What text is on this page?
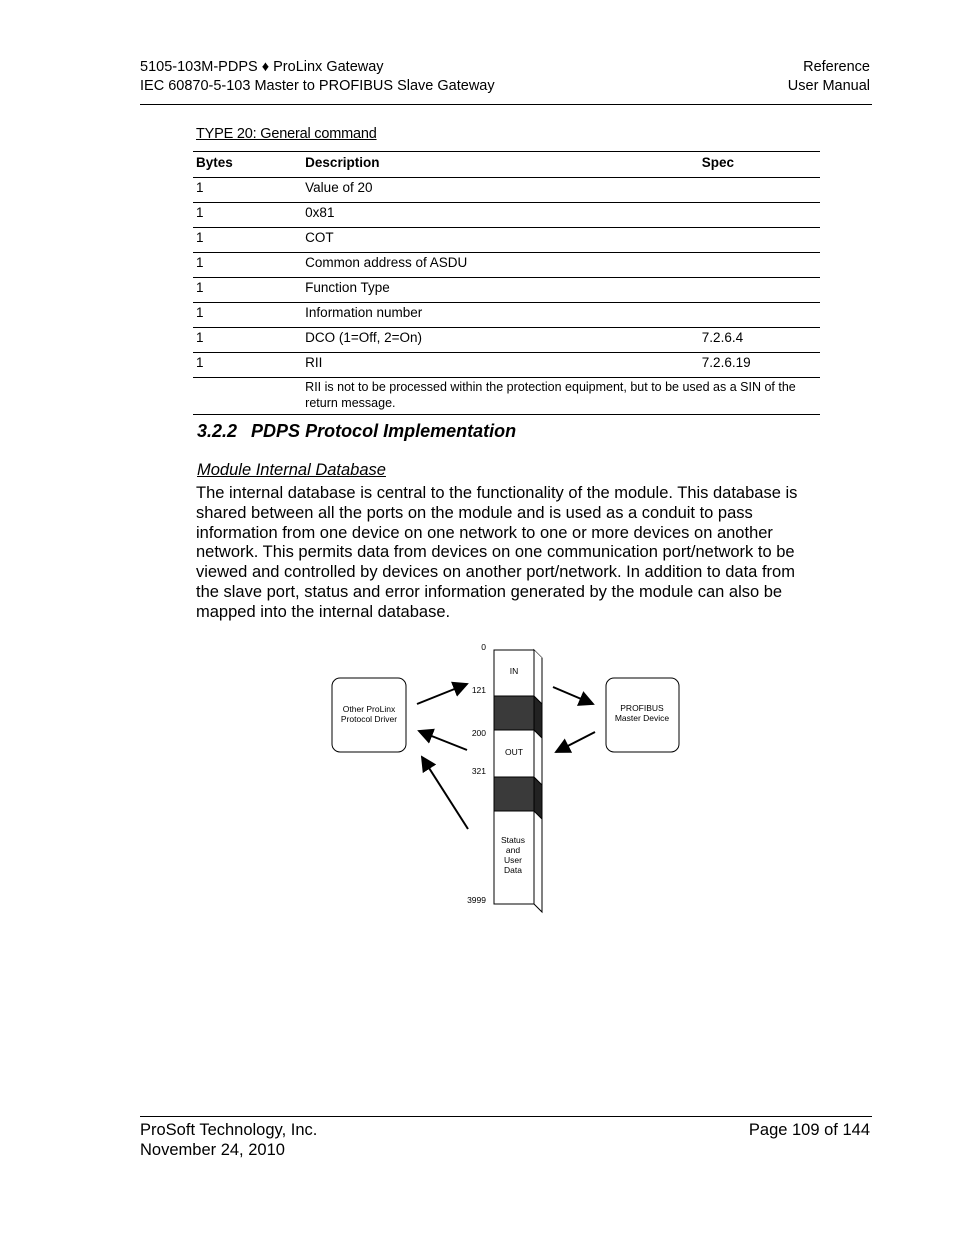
5105-103M-PDPS ♦ ProLinx Gateway
IEC 60870-5-103 Master to PROFIBUS Slave Gateway
Reference
User Manual
TYPE 20: General command
Bytes	Description	Spec
1	Value of 20	
1	0x81	
1	COT	
1	Common address of ASDU	
1	Function Type	
1	Information number	
1	DCO (1=Off, 2=On)	7.2.6.4
1	RII	7.2.6.19
	RII is not to be processed within the protection equipment, but to be used as a SIN of the return message.	
3.2.2 PDPS Protocol Implementation
Module Internal Database
The internal database is central to the functionality of the module. This database is shared between all the ports on the module and is used as a conduit to pass information from one device on one network to one or more devices on another network. This permits data from devices on one communication port/network to be viewed and controlled by devices on another port/network. In addition to data from the slave port, status and error information generated by the module can also be mapped into the internal database.
Other ProLinx
Protocol Driver
PROFIBUS
Master Device
IN
OUT
Status
and
User
Data
0
121
200
321
3999
ProSoft Technology, Inc.
November 24, 2010
Page 109 of 144
